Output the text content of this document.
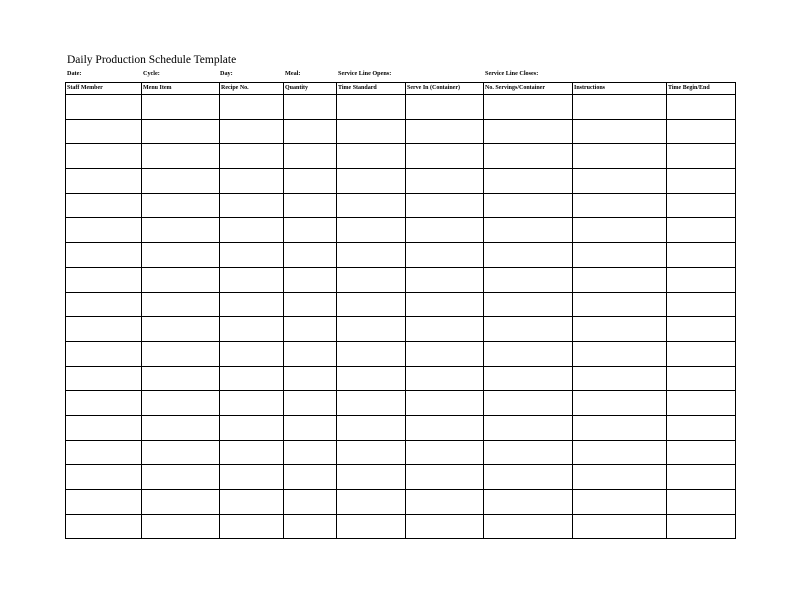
Daily Production Schedule Template
Date:	Cycle:	Day:	Meal:	Service Line Opens:	Service Line Closes:
Staff Member	Menu Item	Recipe No.	Quantity	Time Standard	Serve In (Container)	No. Servings/Container	Instructions	Time Begin/End
